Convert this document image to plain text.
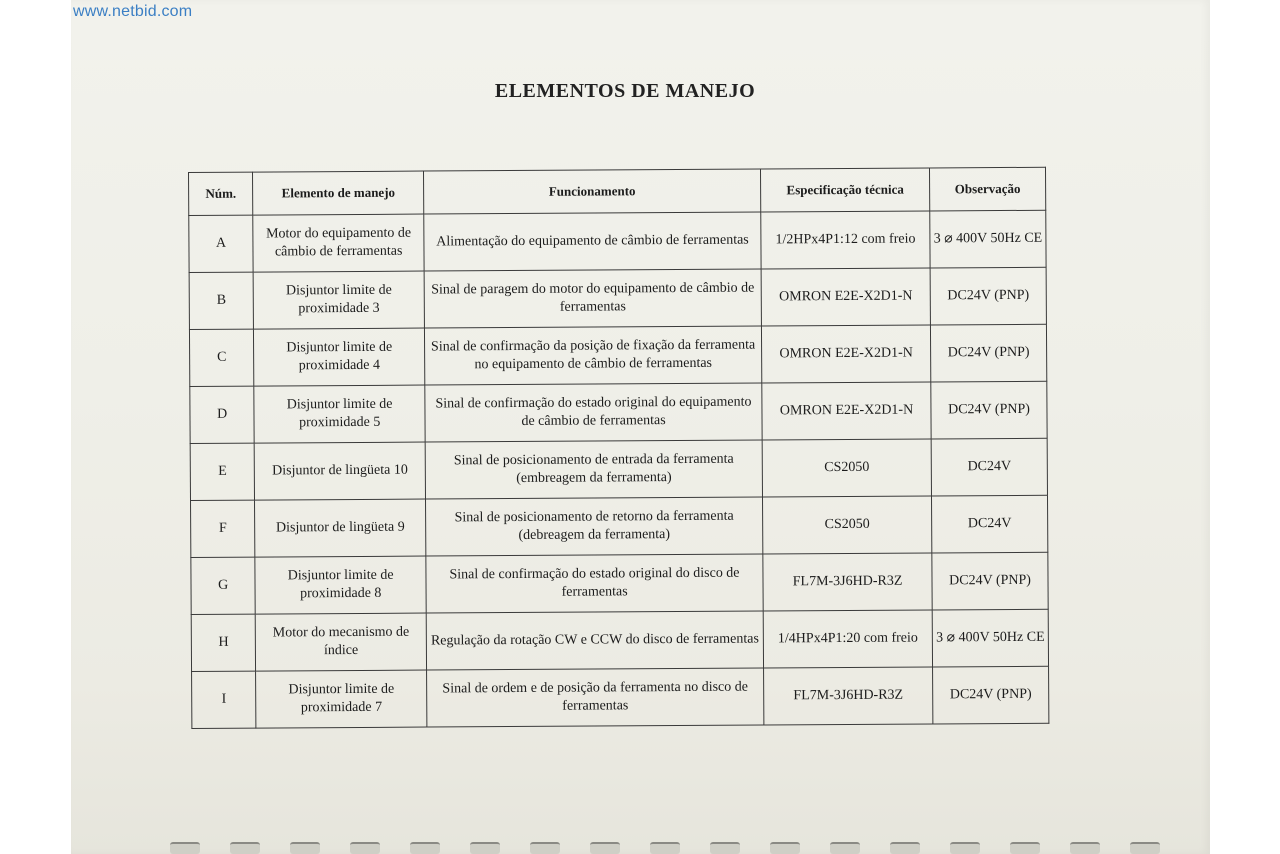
ELEMENTOS DE MANEJO
Núm.	Elemento de manejo	Funcionamento	Especificação técnica	Observação
A	Motor do equipamento de câmbio de ferramentas	Alimentação do equipamento de câmbio de ferramentas	1/2HPx4P1:12 com freio	3 ⌀ 400V 50Hz CE
B	Disjuntor limite de proximidade 3	Sinal de paragem do motor do equipamento de câmbio de ferramentas	OMRON E2E-X2D1-N	DC24V (PNP)
C	Disjuntor limite de proximidade 4	Sinal de confirmação da posição de fixação da ferramenta no equipamento de câmbio de ferramentas	OMRON E2E-X2D1-N	DC24V (PNP)
D	Disjuntor limite de proximidade 5	Sinal de confirmação do estado original do equipamento de câmbio de ferramentas	OMRON E2E-X2D1-N	DC24V (PNP)
E	Disjuntor de lingüeta 10	Sinal de posicionamento de entrada da ferramenta (embreagem da ferramenta)	CS2050	DC24V
F	Disjuntor de lingüeta 9	Sinal de posicionamento de retorno da ferramenta (debreagem da ferramenta)	CS2050	DC24V
G	Disjuntor limite de proximidade 8	Sinal de confirmação do estado original do disco de ferramentas	FL7M-3J6HD-R3Z	DC24V (PNP)
H	Motor do mecanismo de índice	Regulação da rotação CW e CCW do disco de ferramentas	1/4HPx4P1:20 com freio	3 ⌀ 400V 50Hz CE
I	Disjuntor limite de proximidade 7	Sinal de ordem e de posição da ferramenta no disco de ferramentas	FL7M-3J6HD-R3Z	DC24V (PNP)
www.netbid.com
